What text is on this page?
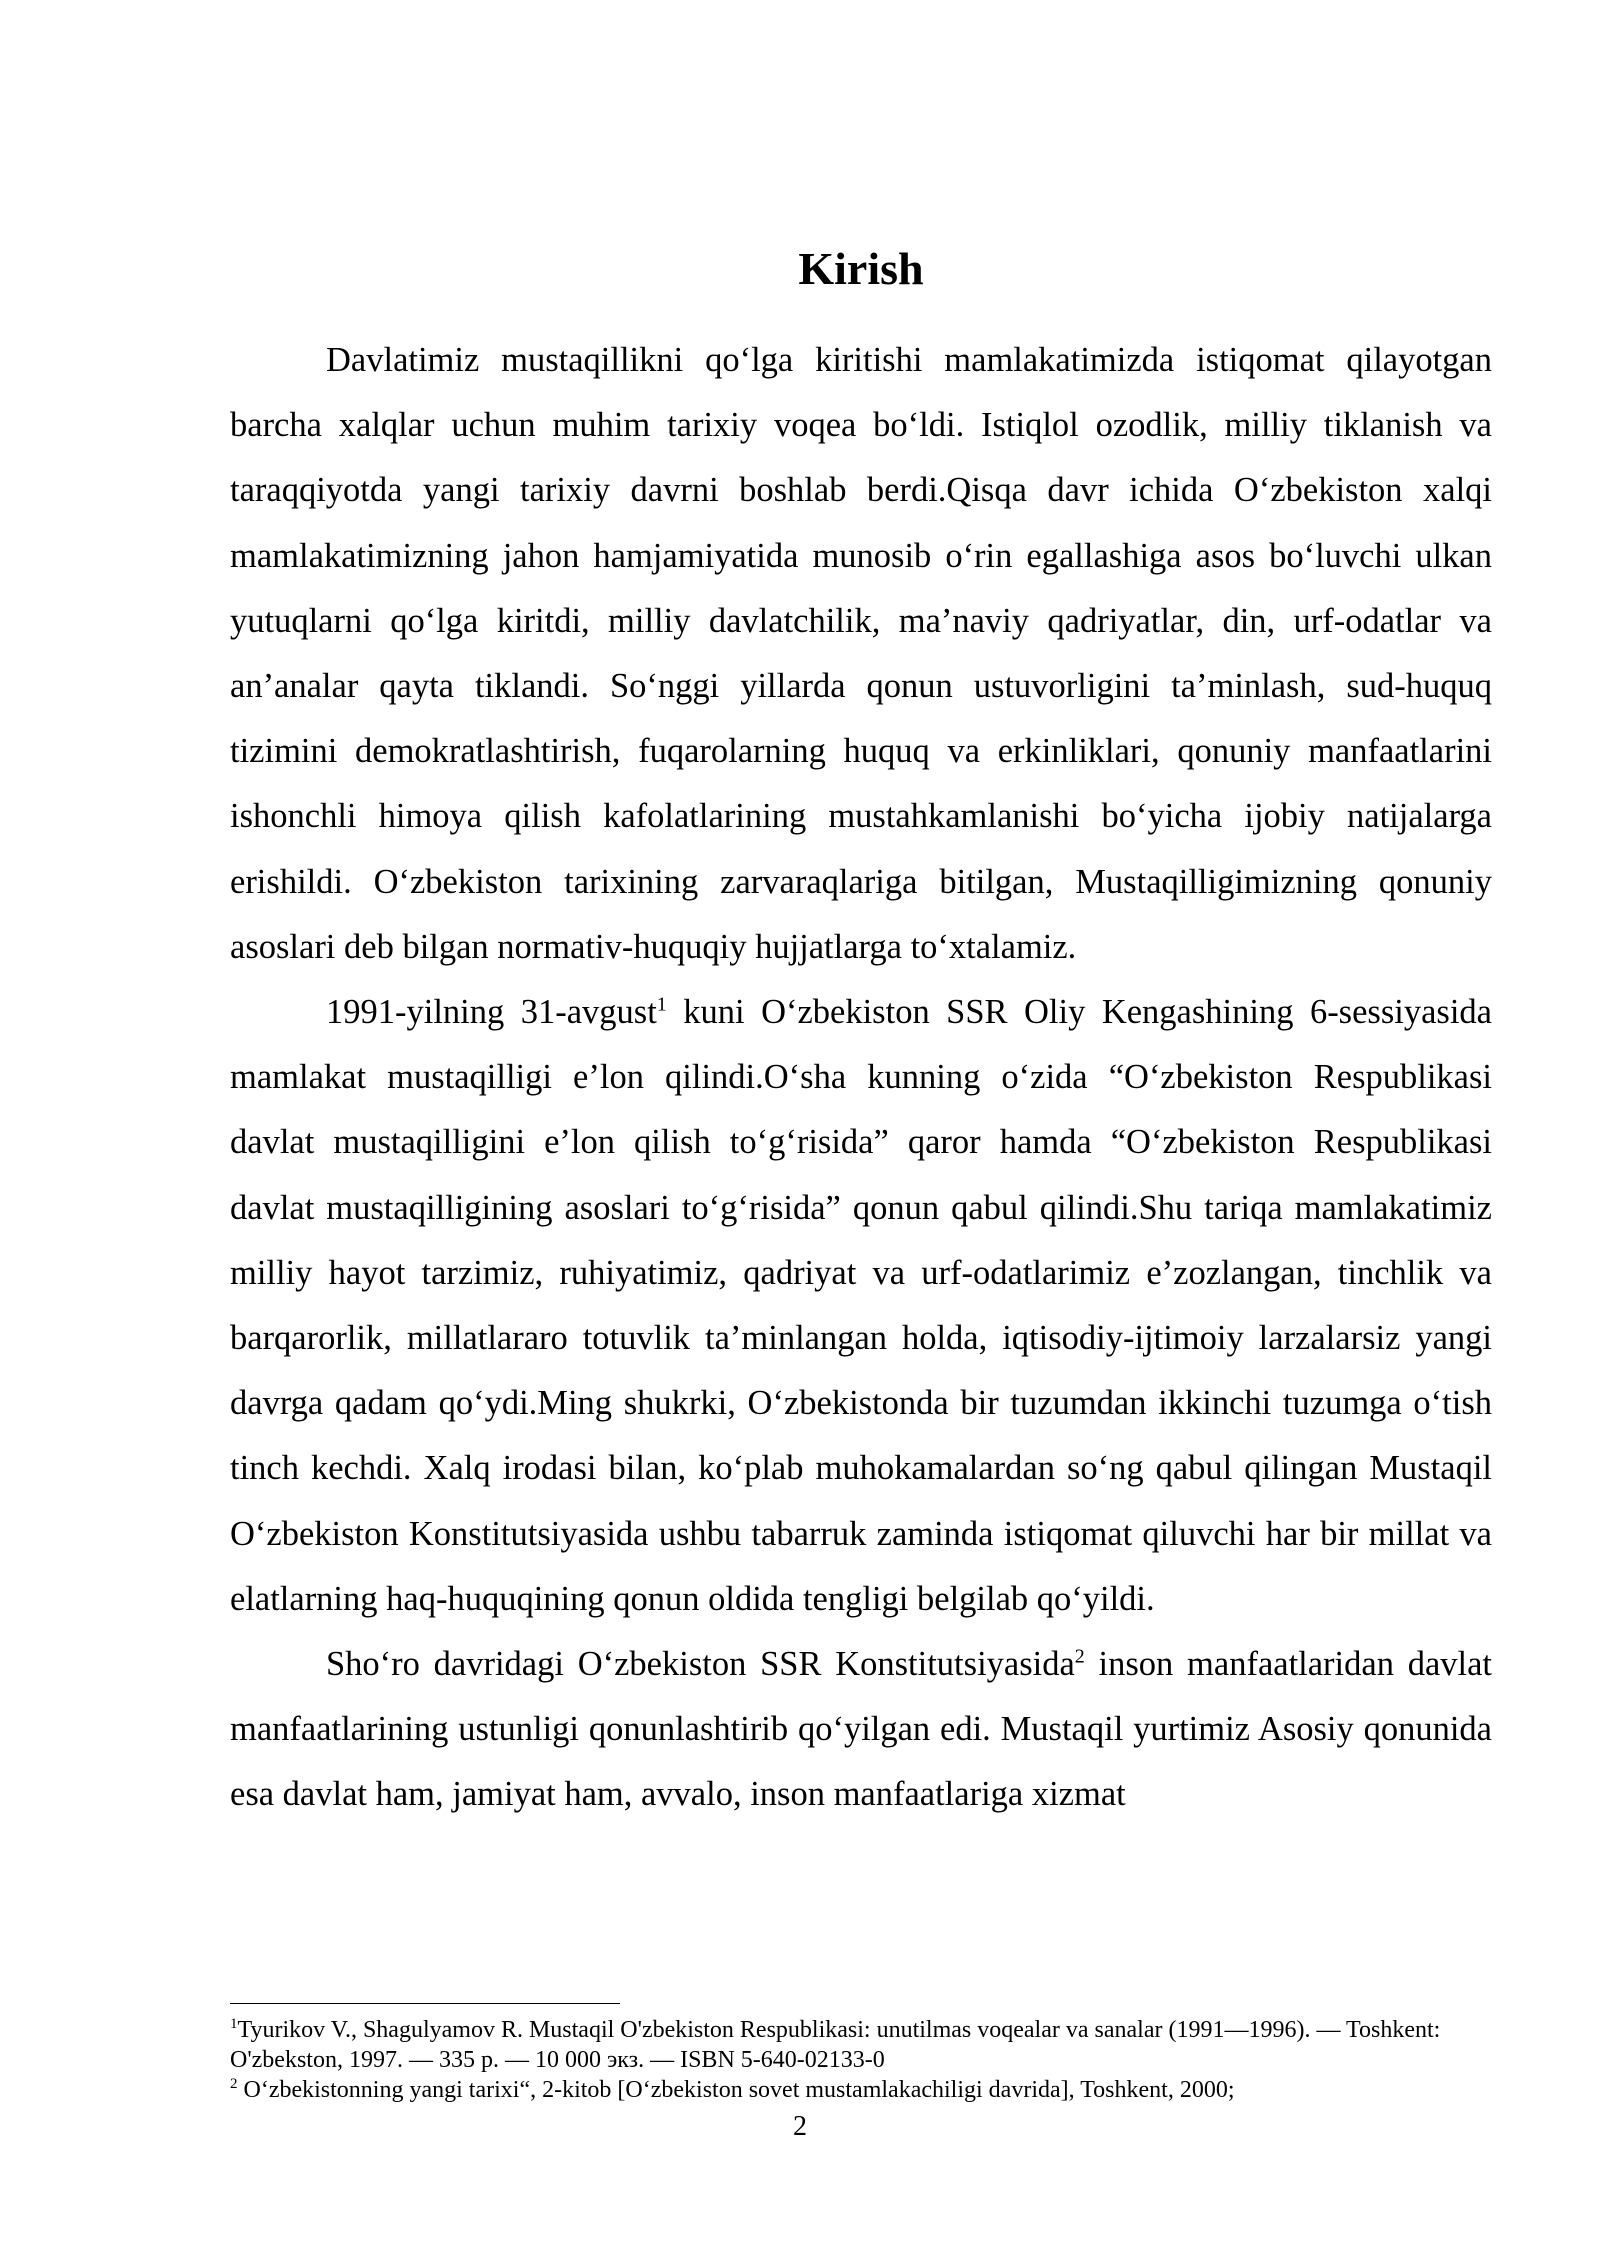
Kirish

Davlatimiz mustaqillikni qo‘lga kiritishi mamlakatimizda istiqomat qilayotgan barcha xalqlar uchun muhim tarixiy voqea bo‘ldi. Istiqlol ozodlik, milliy tiklanish va taraqqiyotda yangi tarixiy davrni boshlab berdi.Qisqa davr ichida O‘zbekiston xalqi mamlakatimizning jahon hamjamiyatida munosib o‘rin egallashiga asos bo‘luvchi ulkan yutuqlarni qo‘lga kiritdi, milliy davlatchilik, ma’naviy qadriyatlar, din, urf-odatlar va an’analar qayta tiklandi. So‘nggi yillarda qonun ustuvorligini ta’minlash, sud-huquq tizimini demokratlashtirish, fuqarolarning huquq va erkinliklari, qonuniy manfaatlarini ishonchli himoya qilish kafolatlarining mustahkamlanishi bo‘yicha ijobiy natijalarga erishildi. O‘zbekiston tarixining zarvaraqlariga bitilgan, Mustaqilligimizning qonuniy asoslari deb bilgan normativ-huquqiy hujjatlarga to‘xtalamiz.

1991-yilning 31-avgust$^1$ kuni O‘zbekiston SSR Oliy Kengashining 6-sessiyasida mamlakat mustaqilligi e’lon qilindi.O‘sha kunning o‘zida “O‘zbekiston Respublikasi davlat mustaqilligini e’lon qilish to‘g‘risida” qaror hamda “O‘zbekiston Respublikasi davlat mustaqilligining asoslari to‘g‘risida” qonun qabul qilindi.Shu tariqa mamlakatimiz milliy hayot tarzimiz, ruhiyatimiz, qadriyat va urf-odatlarimiz e’zozlangan, tinchlik va barqarorlik, millatlararo totuvlik ta’minlangan holda, iqtisodiy-ijtimoiy larzalarsiz yangi davrga qadam qo‘ydi.Ming shukrki, O‘zbekistonda bir tuzumdan ikkinchi tuzumga o‘tish tinch kechdi. Xalq irodasi bilan, ko‘plab muhokamalardan so‘ng qabul qilingan Mustaqil O‘zbekiston Konstitutsiyasida ushbu tabarruk zaminda istiqomat qiluvchi har bir millat va elatlarning haq-huquqining qonun oldida tengligi belgilab qo‘yildi.

Sho‘ro davridagi O‘zbekiston SSR Konstitutsiyasida$^2$ inson manfaatlaridan davlat manfaatlarining ustunligi qonunlashtirib qo‘yilgan edi. Mustaqil yurtimiz Asosiy qonunida esa davlat ham, jamiyat ham, avvalo, inson manfaatlariga xizmat

$^1$Tyurikov V., Shagulyamov R. Mustaqil O'zbekiston Respublikasi: unutilmas voqealar va sanalar (1991—1996). — Toshkent: O'zbekston, 1997. — 335 р. — 10 000 экз. — ISBN 5-640-02133-0

$^2$ O‘zbekistonning yangi tarixi“, 2-kitob [O‘zbekiston sovet mustamlakachiligi davrida], Toshkent, 2000;

2
